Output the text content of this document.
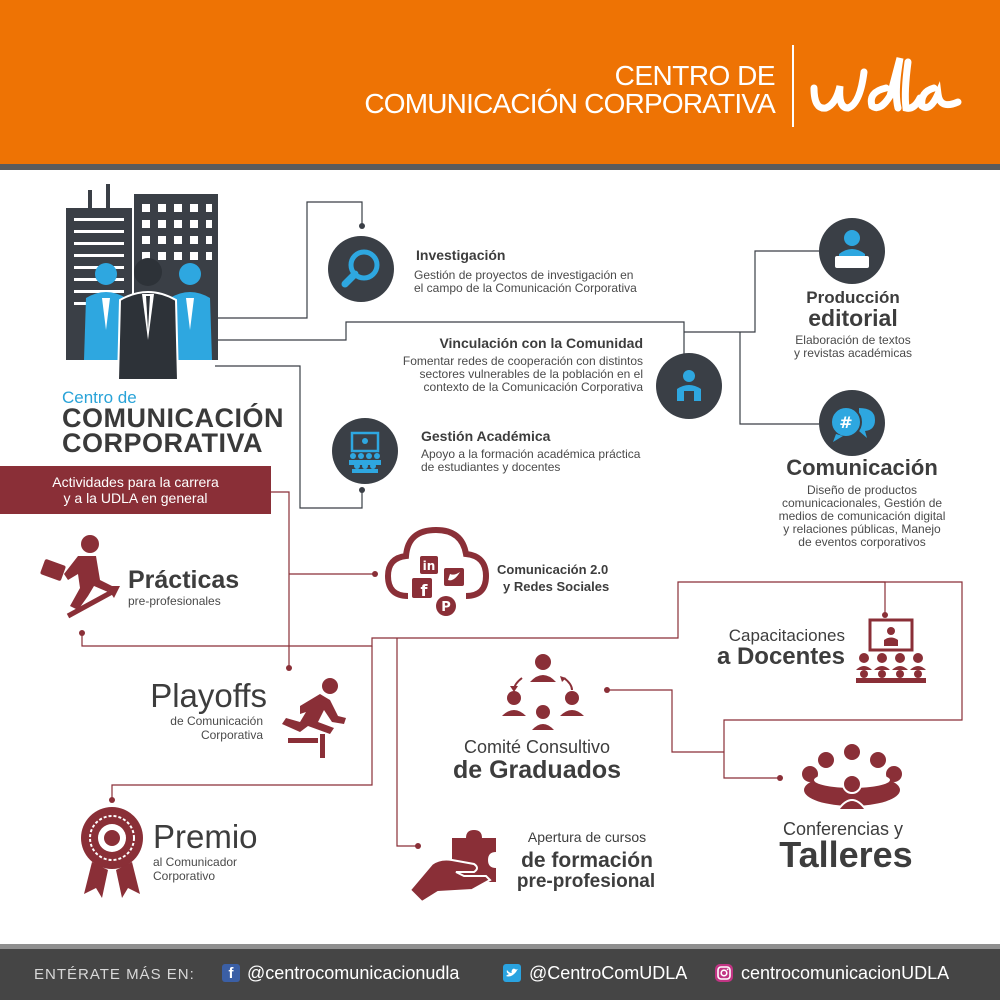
CENTRO DE
COMUNICACIÓN CORPORATIVA
Centro de
COMUNICACIÓN
CORPORATIVA
Actividades para la carrera
y a la UDLA en general
Investigación
Gestión de proyectos de investigación en
el campo de la Comunicación Corporativa
Vinculación con la Comunidad
Fomentar redes de cooperación con distintos
sectores vulnerables de la población en el
contexto de la Comunicación Corporativa
Gestión Académica
Apoyo a la formación académica práctica
de estudiantes y docentes
Producción
editorial
Elaboración de textos
y revistas académicas
#
Comunicación
Diseño de productos
comunicacionales, Gestión de
medios de comunicación digital
y relaciones públicas, Manejo
de eventos corporativos
Prácticas
pre-profesionales
in
f
P
Comunicación 2.0
y Redes Sociales
Playoffs
de Comunicación
Corporativa
Capacitaciones
a Docentes
Comité Consultivo
de Graduados
Premio
al Comunicador
Corporativo
Conferencias y
Talleres
Apertura de cursos
de formación
pre-profesional
ENTÉRATE MÁS EN:	f @centrocomunicacionudla	@CentroComUDLA	centrocomunicacionUDLA
